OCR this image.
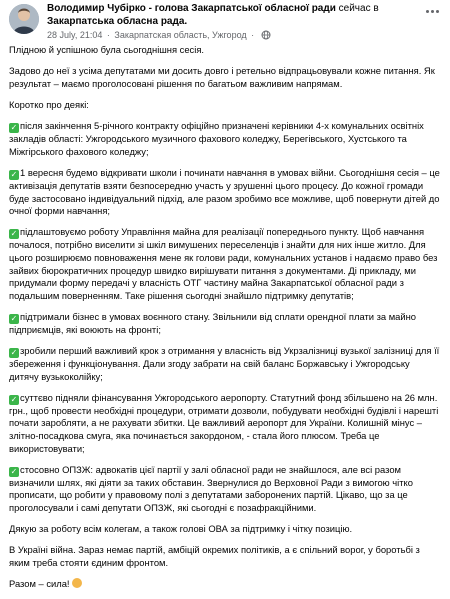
Володимир Чубірко - голова Закарпатської обласної ради сейчас в Закарпатська обласна рада.
28 July, 21:04 · Закарпатская область, Ужгород ·

Плідною й успішною була сьогоднішня сесія.

Задово до неї з усіма депутатами ми досить довго і ретельно відпрацьовували кожне питання. Як результат – маємо проголосовані рішення по багатьом важливим напрямам.

Коротко про деякі:

✓ після закінчення 5-річного контракту офіційно призначені керівники 4-х комунальних освітніх закладів області: Ужгородського музичного фахового коледжу, Берегівського, Хустського та Міжгірського фахового коледжу;

✓ 1 вересня будемо відкривати школи і починати навчання в умовах війни. Сьогоднішня сесія – це активізація депутатів взяти безпосередню участь у зрушенні цього процесу. До кожної громади буде застосовано індивідуальний підхід, але разом зробимо все можливе, щоб повернути дітей до очної форми навчання;

✓ підлаштовуємо роботу Управління майна для реалізації попереднього пункту. Щоб навчання почалося, потрібно виселити зі шкіл вимушених переселенців і знайти для них інше житло. Для цього розширюємо повноваження мене як голови ради, комунальних установ і надаємо право без зайвих бюрократичних процедур швидко вирішувати питання з документами. Ді прикладу, ми придумали форму передачі у власність ОТГ частину майна Закарпатської обласної ради з подальшим поверненням. Таке рішення сьогодні знайшло підтримку депутатів;

✓ підтримали бізнес в умовах воєнного стану. Звільнили від сплати орендної плати за майно підприємців, які воюють на фронті;

✓ зробили перший важливий крок з отримання у власність від Укрзалізниці вузької залізниці для її збереження і функціонування. Дали згоду забрати на свій баланс Боржавську і Ужгородську дитячу вузькоколійку;

✓ суттєво підняли фінансування Ужгородського аеропорту. Статутний фонд збільшено на 26 млн. грн., щоб провести необхідні процедури, отримати дозволи, побудувати необхідні будівлі і нарешті почати заробляти, а не рахувати збитки. Це важливий аеропорт для України. Колишній мінус – злітно-посадкова смуга, яка починається закордоном, - стала його плюсом. Треба це використовувати;

✓ стосовно ОПЗЖ: адвокатів цієї партії у залі обласної ради не знайшлося, але всі разом визначили шлях, які діяти за таких обставин. Звернулися до Верховної Ради з вимогою чітко прописати, що робити у правовому полі з депутатами заборонених партій. Цікаво, що за це проголосували і самі депутати ОПЗЖ, які сьогодні є позафракційними.

Дякую за роботу всім колегам, а також голові ОВА за підтримку і чітку позицію.

В Україні війна. Зараз немає партій, амбіцій окремих політиків, а є спільний ворог, у боротьбі з яким треба стояти єдиним фронтом.

Разом – сила!
